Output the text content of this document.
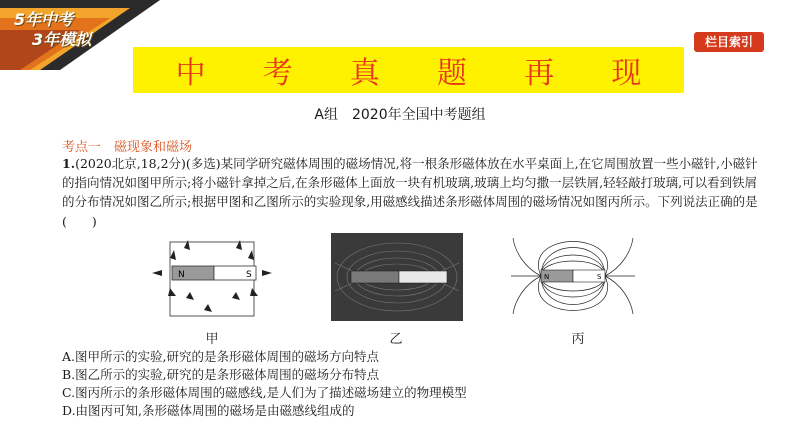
5年中考
3年模拟	栏目索引
中 考 真 题 再 现
A组　2020年全国中考题组
考点一　磁现象和磁场
1.(2020北京,18,2分)(多选)某同学研究磁体周围的磁场情况,将一根条形磁体放在水平桌面上,在它周围放置一些小磁针,小磁针的指向情况如图甲所示;将小磁针拿掉之后,在条形磁体上面放一块有机玻璃,玻璃上均匀撒一层铁屑,轻轻敲打玻璃,可以看到铁屑的分布情况如图乙所示;根据甲图和乙图所示的实验现象,用磁感线描述条形磁体周围的磁场情况如图丙所示。下列说法正确的是　(　　)
N	S
甲	乙
N	S
丙
A.图甲所示的实验,研究的是条形磁体周围的磁场方向特点
B.图乙所示的实验,研究的是条形磁体周围的磁场分布特点
C.图丙所示的条形磁体周围的磁感线,是人们为了描述磁场建立的物理模型
D.由图丙可知,条形磁体周围的磁场是由磁感线组成的
